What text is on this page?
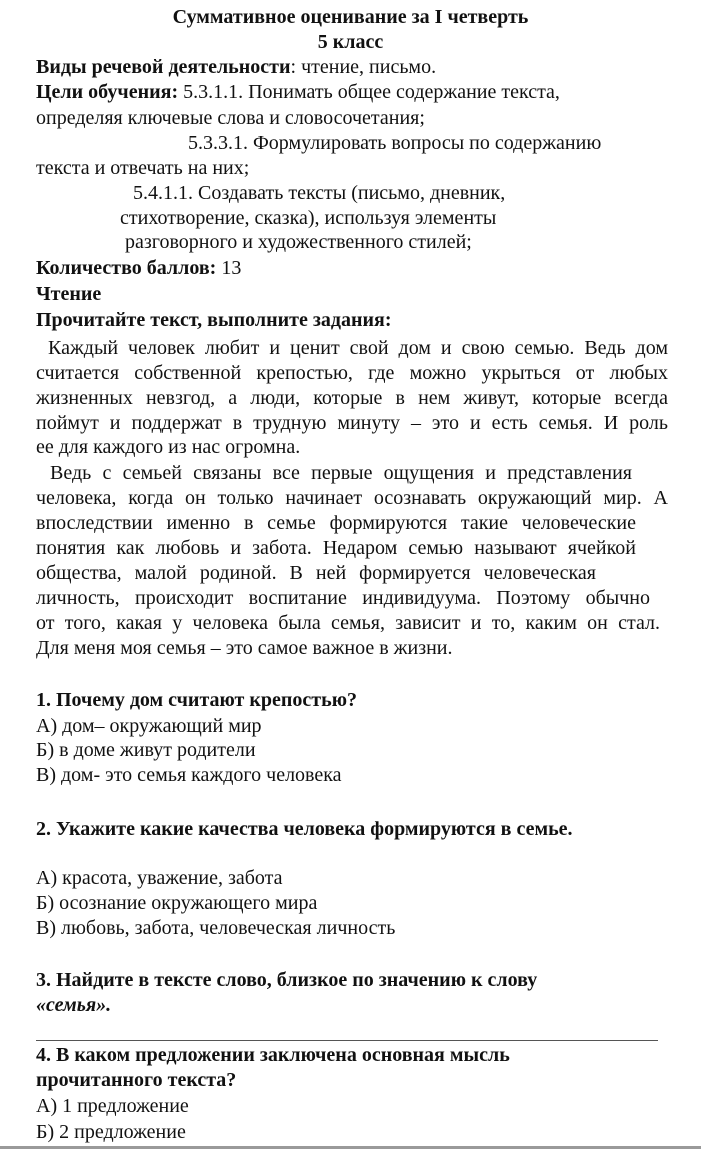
Суммативное оценивание за I четверть
5 класс
Виды речевой деятельности: чтение, письмо.
Цели обучения: 5.3.1.1. Понимать общее содержание текста,
определяя ключевые слова и словосочетания;
5.3.3.1. Формулировать вопросы по содержанию
текста и отвечать на них;
5.4.1.1. Создавать тексты (письмо, дневник,
стихотворение, сказка), используя элементы
разговорного и художественного стилей;
Количество баллов: 13
Чтение
Прочитайте текст, выполните задания:
Каждый человек любит и ценит свой дом и свою семью. Ведь дом
считается собственной крепостью, где можно укрыться от любых
жизненных невзгод, а люди, которые в нем живут, которые всегда
поймут и поддержат в трудную минуту – это и есть семья. И роль
ее для каждого из нас огромна.
Ведь с семьей связаны все первые ощущения и представления
человека, когда он только начинает осознавать окружающий мир. А
впоследствии именно в семье формируются такие человеческие
понятия как любовь и забота. Недаром семью называют ячейкой
общества, малой родиной. В ней формируется человеческая
личность, происходит воспитание индивидуума. Поэтому обычно
от того, какая у человека была семья, зависит и то, каким он стал.
Для меня моя семья – это самое важное в жизни.
1. Почему дом считают крепостью?
А) дом– окружающий мир
Б) в доме живут родители
В) дом- это семья каждого человека
2. Укажите какие качества человека формируются в семье.
А) красота, уважение, забота
Б) осознание окружающего мира
В) любовь, забота, человеческая личность
3. Найдите в тексте слово, близкое по значению к слову
«семья».
4. В каком предложении заключена основная мысль
прочитанного текста?
А) 1 предложение
Б) 2 предложение
